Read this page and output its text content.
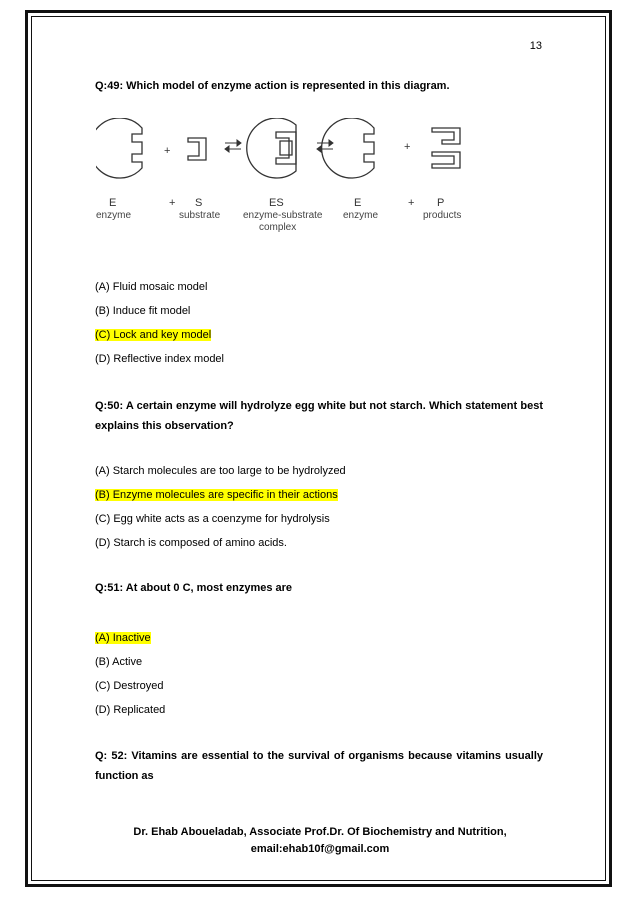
13
Q:49: Which model of enzyme action is represented in this diagram.
+	+
E	+ S	ES	E	+ P
enzyme	substrate enzyme-substrate
complex
enzyme	products
(A) Fluid mosaic model
(B) Induce fit model
(C) Lock and key model
(D) Reflective index model
Q:50: A certain enzyme will hydrolyze egg white but not starch. Which statement best explains this observation?
(A) Starch molecules are too large to be hydrolyzed
(B) Enzyme molecules are specific in their actions
(C) Egg white acts as a coenzyme for hydrolysis
(D) Starch is composed of amino acids.
Q:51: At about 0 C, most enzymes are
(A) Inactive
(B) Active
(C) Destroyed
(D) Replicated
Q: 52: Vitamins are essential to the survival of organisms because vitamins usually function as
Dr. Ehab Aboueladab, Associate Prof.Dr. Of Biochemistry and Nutrition,
email:ehab10f@gmail.com
